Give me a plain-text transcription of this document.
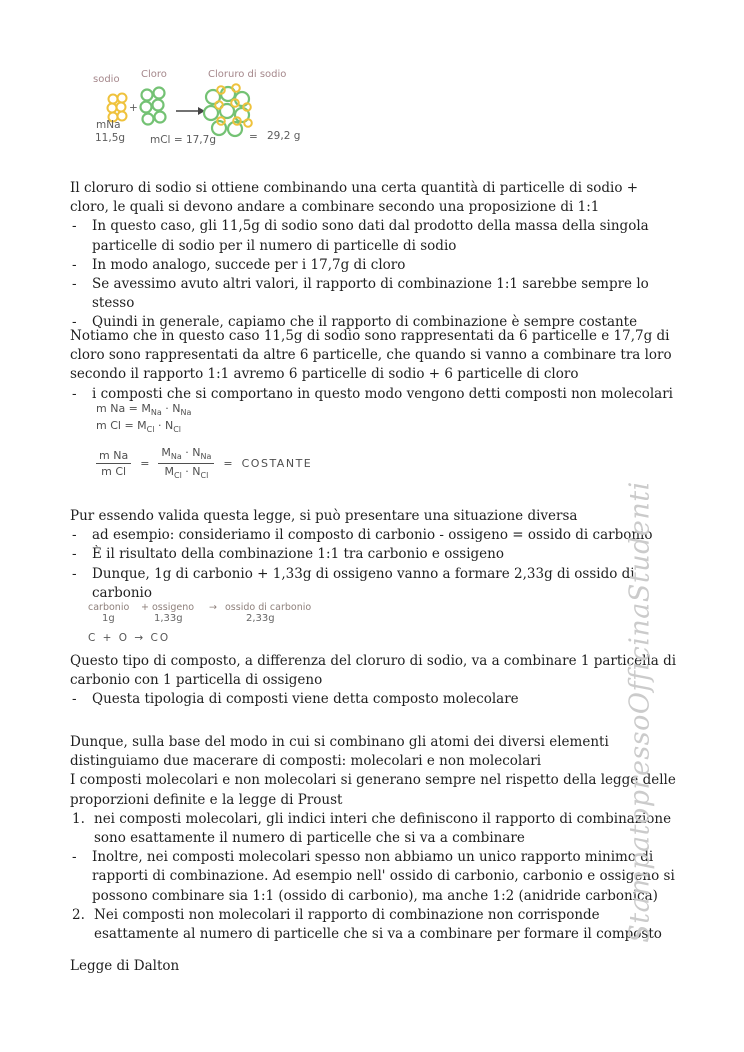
sodio Cloro	Cloruro di sodio
+
mNa
11,5g mCl = 17,7g	= 29,2 g

Il cloruro di sodio si ottiene combinando una certa quantità di particelle di sodio + cloro, le quali si devono andare a combinare secondo una proposizione di 1:1

-	In questo caso, gli 11,5g di sodio sono dati dal prodotto della massa della singola particelle di sodio per il numero di particelle di sodio
-	In modo analogo, succede per i 17,7g di cloro
-	Se avessimo avuto altri valori, il rapporto di combinazione 1:1 sarebbe sempre lo stesso
-	Quindi in generale, capiamo che il rapporto di combinazione è sempre costante

Notiamo che in questo caso 11,5g di sodio sono rappresentati da 6 particelle e 17,7g di cloro sono rappresentati da altre 6 particelle, che quando si vanno a combinare tra loro secondo il rapporto 1:1 avremo 6 particelle di sodio + 6 particelle di cloro

-	i composti che si comportano in questo modo vengono detti composti non molecolari
m $Na = M_{Na} \cdot N_{Na}$
m $Cl = M_{Cl} \cdot N_{Cl}$
$\frac{\text{m Na}}{\text{m Cl}} = \frac{M_{Na} \cdot N_{Na}}{M_{Cl} \cdot N_{Cl}}$ = COSTANTE

Pur essendo valida questa legge, si può presentare una situazione diversa

-	ad esempio: consideriamo il composto di carbonio - ossigeno = ossido di carbonio
-	È il risultato della combinazione 1:1 tra carbonio e ossigeno
-	Dunque, 1g di carbonio + 1,33g di ossigeno vanno a formare 2,33g di ossido di carbonio
carbonio + ossigeno → ossido di carbonio
1g	1,33g	2,33g
C + O → CO

Questo tipo di composto, a differenza del cloruro di sodio, va a combinare 1 particella di carbonio con 1 particella di ossigeno

-	Questa tipologia di composti viene detta composto molecolare

Dunque, sulla base del modo in cui si combinano gli atomi dei diversi elementi distinguiamo due macerare di composti: molecolari e non molecolari

I composti molecolari e non molecolari si generano sempre nel rispetto della legge delle proporzioni definite e la legge di Proust

1. nei composti molecolari, gli indici interi che definiscono il rapporto di combinazione sono esattamente il numero di particelle che si va a combinare
-	Inoltre, nei composti molecolari spesso non abbiamo un unico rapporto minimo di rapporti di combinazione. Ad esempio nell' ossido di carbonio, carbonio e ossigeno si possono combinare sia 1:1 (ossido di carbonio), ma anche 1:2 (anidride carbonica)
2. Nei composti non molecolari il rapporto di combinazione non corrisponde esattamente al numero di particelle che si va a combinare per formare il composto
Legge di Dalton
StampatopressoOfficinaStudenti
